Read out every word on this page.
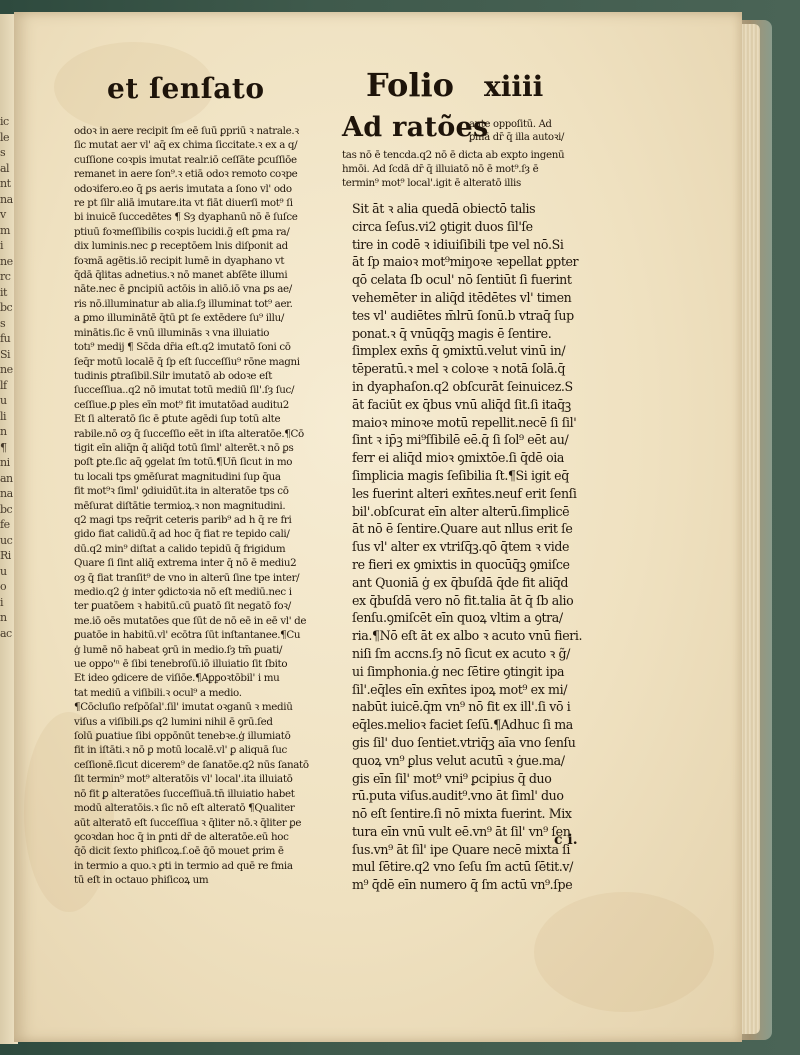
ic
le
s
al
nt
na
v
m
i
ne
rc
it
bc
s
fu
Si
ne
lf
u
li
n
¶
ni
an
na
bc
fe
uc
Ri
u
o
i
n
ac
et ſenſato	Folio xiiii
odoꝛ in aere recipit ſm eē ſuū ꝑpriū ꝛ natrale.ꝛ
ſic mutat aer vl' aq̄ ex chima ſiccitate.ꝛ ex a q/
cuſſione coꝛpis imutat realr.iō ceſſāte ꝑcuſſiōe
remanet in aere ſon⁹.ꝛ etiā odoꝛ remoto coꝛpe
odoꝛifero.eo q̄ ꝑs aeris imutata a ſono vl' odo
re pt ſilr aliā imutare.ita vt fiāt diuerſi mot⁹ ſi
bi inuicē ſuccedētes ¶ Sȝ dyaphanū nō ē ſuſce
ptiuū foꝛmeſſibilis coꝛpis lucidi.ḡ eſt ꝑma ra/
dix luminis.nec ꝑ receptōem lnis diſponit ad
foꝛmā agētis.iō recipit lumē in dyaphano vt
q̄dā q̄litas adnetius.ꝛ nō manet abſēte illumi
nāte.nec ē ꝑncipiū actōis in aliō.iō vna ꝑs ae/
ris nō.illuminatur ab alia.ſȝ illuminat tot⁹ aer.
a ꝑmo illuminātē q̄tū ꝑt ſe extēdere ſu⁹ illu/
minātis.ſic ē vnū illuminās ꝛ vna illuiatio
totı⁹ medij ¶ Sc̄da dr̄ia eſt.q2 imutatō ſoni cō
ſeq̄r motū localē q̄ ſp eſt ſucceſſiu⁹ rōne magni
tudinis ꝑtraſibil.Silr imutatō ab odoꝛe eſt
ſucceſſiua..q2 nō imutat totū mediū ſil'.ſȝ ſuc/
ceſſiue.ꝑ ples eīn mot⁹ fit imutatōad auditu2
Et ſi alteratō ſic ē ꝑtute agēdi ſup totū alte
rabile.nō oȝ q̄ ſucceſſio eēt in iſta alteratōe.¶Cō
tigit eīn aliq̄n q̄ aliq̄d totū ſiml' alterēt.ꝛ nō ꝑs
poſt ꝑte.ſic aq̄ ꝯgelat ſm totū.¶Un̄ ſicut in mo
tu locali tps ꝯmēſurat magnitudini ſup q̄ua
fit mot⁹ꝛ ſiml' ꝯdiuidūt.ita in alteratōe tps cō
mēſurat diſtātie termioꝝ.ꝛ non magnitudini.
q2 magi tps req̄rit ceteris parib⁹ ad h q̄ re fri
gido fiat calidū.q̄ ad hoc q̄ fiat re tepido cali/
dū.q2 min⁹ diſtat a calido tepidū q̄ frigidum
Quare ſi ſint aliq̄ extrema inter q̄ nō ē mediu2
oȝ q̄ fiat tranſit⁹ de vno in alterū ſine tpe inter/
medio.q2 ġ inter ꝯdictoꝛia nō eſt mediū.nec i
ter ꝑuatōem ꝛ habitū.cū ꝑuatō ſit negatō foꝛ/
me.iō oēs mutatōes que ſūt de nō eē in eē vl' de
ꝑuatōe in habitū.vl' ecōtra ſūt inſtantanee.¶Cu
ġ lumē nō habeat ꝯrū in medio.ſȝ tm̄ ꝑuati/
ue oppo'ⁿ ē ſibi tenebroſū.iō illuiatio ſit ſbito
Et ideo ꝯdicere de viſiōe.¶Aꝑꝑoꝛtōbil' i mu
tat mediū a viſibili.ꝛ ocul⁹ a medio.
¶Cōcluſio reſpōſal'.ſil' imutat oꝛganū ꝛ mediū
viſus a viſibili.ꝑs q2 lumini nihil ē ꝯrū.ſed
ſolū ꝑuatiue ſibi oppōnūt tenebꝛe.ġ illumiatō
fit in iſtāti.ꝛ nō ꝑ motū localē.vl' ꝑ aliquā ſuc
ceſſionē.ſicut dicerem⁹ de ſanatōe.q2 nūs ſanatō
ſit termin⁹ mot⁹ alteratōis vl' local'.ita illuiatō
nō fit ꝑ alteratōes ſucceſſiuā.tn̄ illuiatio habet
modū alteratōis.ꝛ ſic nō eſt alteratō ¶Qualiter
aūt alteratō eſt ſucceſſiua ꝛ q̄liter nō.ꝛ q̄liter ꝑe
ꝯcoꝛdan hoc q̄ in ꝑnti dr̄ de alteratōe.eū hoc
q̄ō dicit ſexto phiſicoꝝ.ſ.oē q̄ō mouet ꝑrim ē
in termio a quo.ꝛ ꝑti in termio ad quē re fmia
tū eſt in octauo phiſicoꝝ um
Ad ratões
ante oppoſitū. Ad
ꝑmā dr̄ q̄ illa autoꝛi/
tas nō ē tencda.q2 nō ē dicta ab expto ingenū
hmōi. Ad ſcdā dr̄ q̄ illuiatō nō ē mot⁹.ſȝ ē
termin⁹ mot⁹ local'.igit ē alteratō illis
Sit āt ꝛ alia quedā obiectō talis
circa ſeſus.vi2 ꝯtigit duos ſil'ſe
tire in codē ꝛ idiuiſibili tpe vel nō.Si
āt ſp maioꝛ mot⁹miŋoꝛe ꝛepellat ꝑpter
qō celata ſb ocul' nō ſentiūt ſi fuerint
vehemēter in aliq̄d itēdētes vl' timen
tes vl' audiētes m̄lrū ſonū.b vtraq̄ ſup
ponat.ꝛ q̄ vnūqq̄ꝫ magis ē ſentire.
ſimplex exn̄s q̄ ꝯmixtū.velut vinū in/
tēperatū.ꝛ mel ꝛ coloꝛe ꝛ notā ſolā.q̄
in dyaphaſon.q2 obſcurāt ſeinuicez.S
āt faciūt ex q̄bus vnū aliq̄d ſit.ſi itaq̄ꝫ
maioꝛ minoꝛe motū repellit.necē ſi ſil'
ſint ꝛ ip̄ꝫ mi⁹ſſibilē eē.q̄ ſi ſol⁹ eēt au/
ferr ei aliq̄d mioꝛ ꝯmixtōe.ſi q̄dē oia
ſimplicia magis ſeſibilia ſt.¶Si igit eq̄
les fuerint alteri exn̄tes.neuf erit ſenſi
bil'.obſcurat eīn alter alterū.ſimplicē
āt nō ē ſentire.Quare aut nllus erit ſe
ſus vl' alter ex vtriſq̄ꝫ.qō q̄tem ꝛ vide
re fieri ex ꝯmixtis in quocūq̄ꝫ ꝯmiſce
ant Quoniā ġ ex q̄buſdā q̄de fit aliq̄d
ex q̄buſdā vero nō fit.talia āt q̄ ſb alio
ſenſu.ꝯmiſcēt eīn quoꝝ vltim a ꝯtra/
ria.¶Nō eſt āt ex albo ꝛ acuto vnū fieri.
niſi ſm accns.ſȝ nō ſicut ex acuto ꝛ g̃/
ui ſimphonia.ġ nec ſētire ꝯtingit ipa
ſil'.eq̄les eīn exn̄tes ipoꝝ mot⁹ ex mi/
nabūt iuicē.q̄m vn⁹ nō fit ex ill'.ſi vō i
eq̄les.melioꝛ faciet ſeſū.¶Adhuc ſi ma
gis ſil' duo ſentiet.vtriq̄ꝫ aīa vno ſenſu
quoꝝ vn⁹ ꝑlus velut acutū ꝛ ġue.ma/
gis eīn ſil' mot⁹ vni⁹ ꝑcipius q̄ duo
rū.puta viſus.audit⁹.vno āt ſiml' duo
nō eſt ſentire.ſi nō mixta fuerint. Mix
tura eīn vnū vult eē.vn⁹ āt ſil' vn⁹ ſen
ſus.vn⁹ āt ſil' ipe Quare necē mixta ſi
mul ſētire.q2 vno ſeſu ſm actū ſētit.v/
m⁹ q̄dē eīn numero q̄ ſm actū vn⁹.ſpe
c i.
